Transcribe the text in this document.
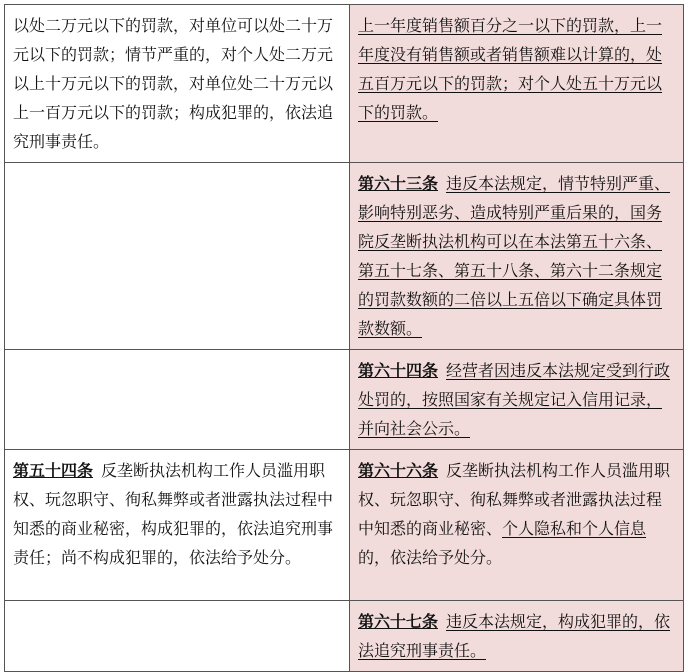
以处二万元以下的罚款，对单位可以处二十万元以下的罚款；情节严重的，对个人处二万元以上十万元以下的罚款，对单位处二十万元以上一百万元以下的罚款；构成犯罪的，依法追究刑事责任。	上一年度销售额百分之一以下的罚款，上一年度没有销售额或者销售额难以计算的，处五百万元以下的罚款；对个人处五十万元以下的罚款。
	第六十三条 违反本法规定，情节特别严重、影响特别恶劣、造成特别严重后果的，国务院反垄断执法机构可以在本法第五十六条、第五十七条、第五十八条、第六十二条规定的罚款数额的二倍以上五倍以下确定具体罚款数额。
	第六十四条 经营者因违反本法规定受到行政处罚的，按照国家有关规定记入信用记录，并向社会公示。
第五十四条 反垄断执法机构工作人员滥用职权、玩忽职守、徇私舞弊或者泄露执法过程中知悉的商业秘密，构成犯罪的，依法追究刑事责任；尚不构成犯罪的，依法给予处分。	第六十六条 反垄断执法机构工作人员滥用职权、玩忽职守、徇私舞弊或者泄露执法过程中知悉的商业秘密、个人隐私和个人信息的，依法给予处分。
	第六十七条 违反本法规定，构成犯罪的，依法追究刑事责任。
